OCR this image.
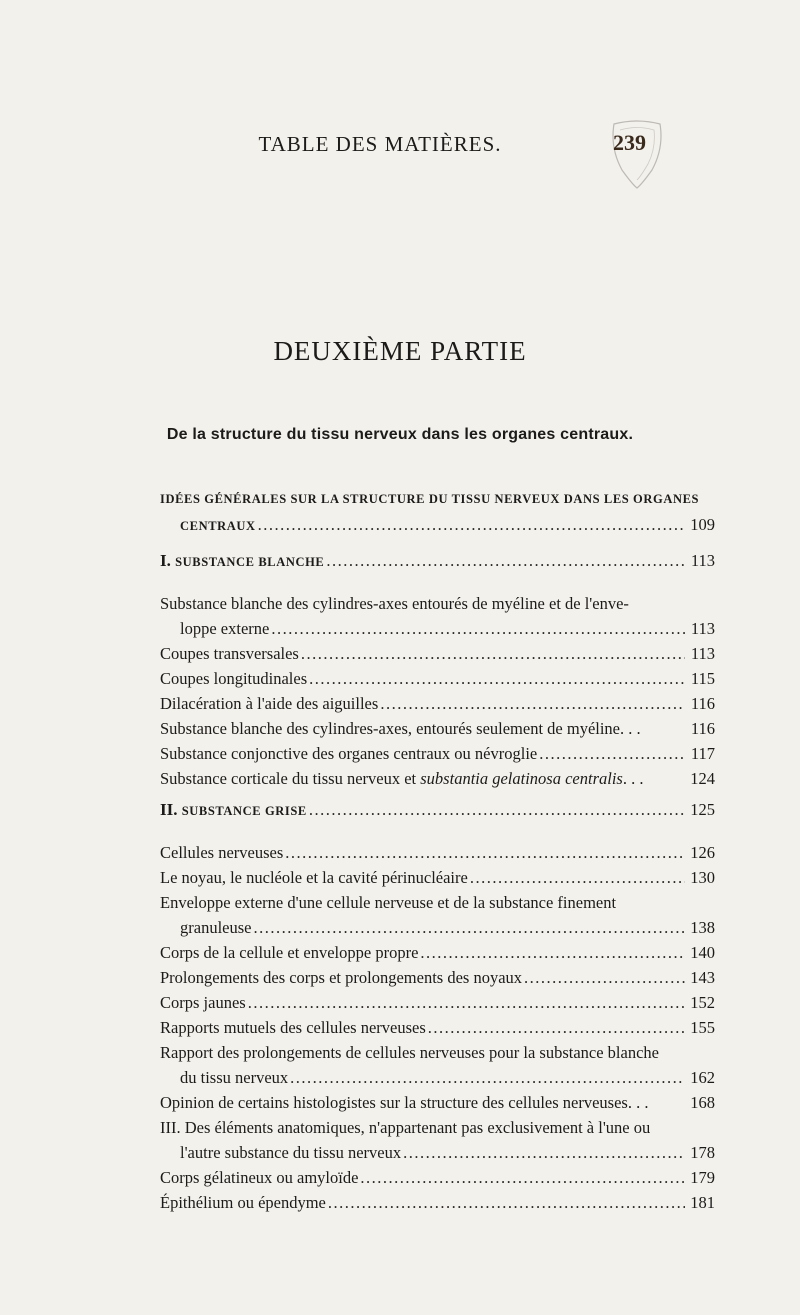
TABLE DES MATIÈRES.	239
DEUXIÈME PARTIE
De la structure du tissu nerveux dans les organes centraux.
IDÉES GÉNÉRALES SUR LA STRUCTURE DU TISSU NERVEUX DANS LES ORGANES
CENTRAUX .....	109
I. SUBSTANCE BLANCHE .....	113
Substance blanche des cylindres-axes entourés de myéline et de l'enve-
loppe externe .....	113
Coupes transversales .....	113
Coupes longitudinales .....	115
Dilacération à l'aide des aiguilles .....	116
Substance blanche des cylindres-axes, entourés seulement de myéline. . .	116
Substance conjonctive des organes centraux ou névroglie .....	117
Substance corticale du tissu nerveux et substantia gelatinosa centralis. . .	124
II. SUBSTANCE GRISE .....	125
Cellules nerveuses .....	126
Le noyau, le nucléole et la cavité périnucléaire .....	130
Enveloppe externe d'une cellule nerveuse et de la substance finement
granuleuse .....	138
Corps de la cellule et enveloppe propre .....	140
Prolongements des corps et prolongements des noyaux .....	143
Corps jaunes .....	152
Rapports mutuels des cellules nerveuses .....	155
Rapport des prolongements de cellules nerveuses pour la substance blanche
du tissu nerveux .....	162
Opinion de certains histologistes sur la structure des cellules nerveuses. . .	168
III. Des éléments anatomiques, n'appartenant pas exclusivement à l'une ou
l'autre substance du tissu nerveux .....	178
Corps gélatineux ou amyloïde .....	179
Épithélium ou épendyme .....	181
